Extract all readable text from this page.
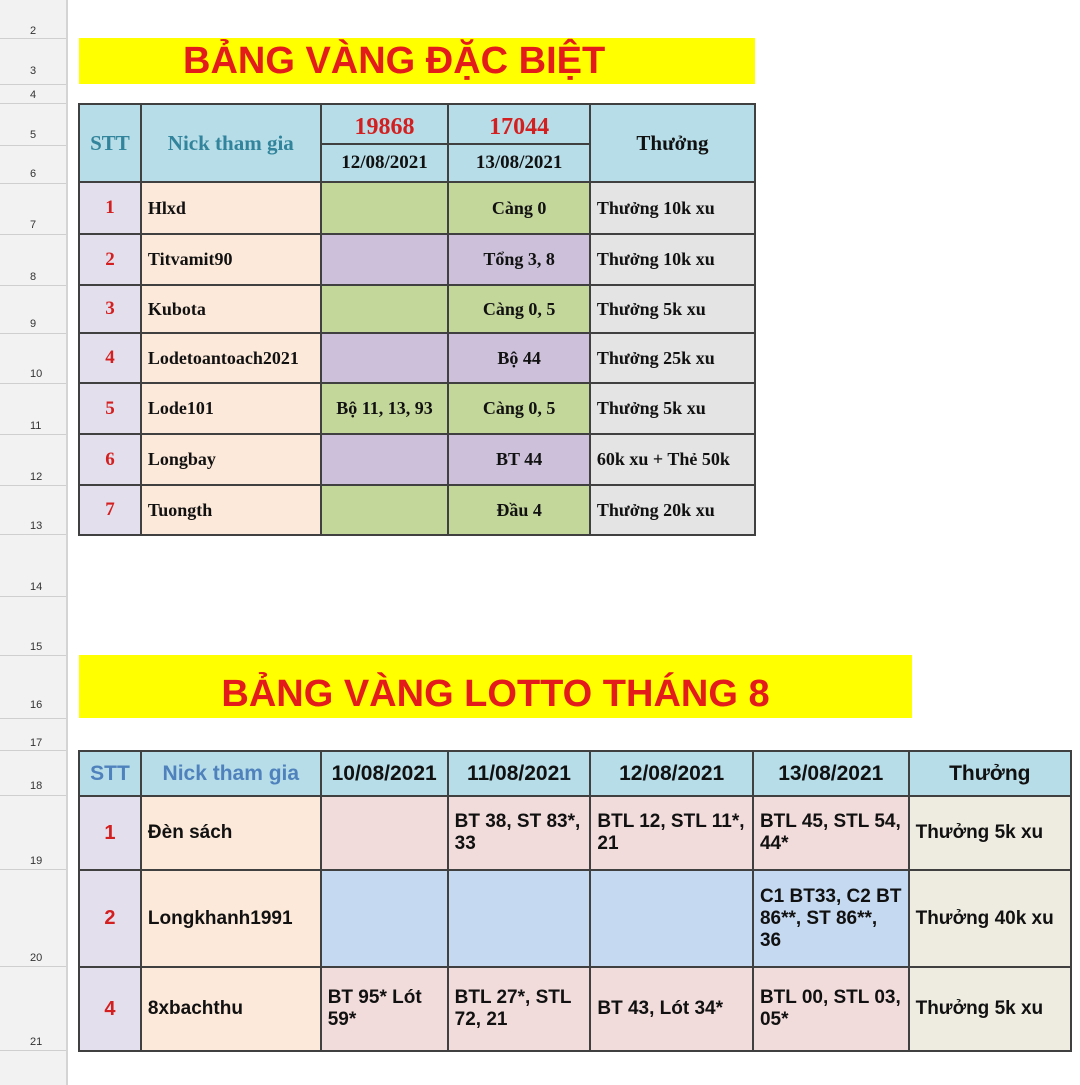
2
3
4
5
6
7
8
9
10
11
12
13
14
15
16
17
18
19
20
21
BẢNG VÀNG ĐẶC BIỆT
STT	Nick tham gia	19868	17044	Thưởng
		12/08/2021	13/08/2021	
1	Hlxd		Càng 0	Thưởng 10k xu
2	Titvamit90		Tổng 3, 8	Thưởng 10k xu
3	Kubota		Càng 0, 5	Thưởng 5k xu
4	Lodetoantoach2021		Bộ 44	Thưởng 25k xu
5	Lode101	Bộ 11, 13, 93	Càng 0, 5	Thưởng 5k xu
6	Longbay		BT 44	60k xu + Thẻ 50k
7	Tuongth		Đầu 4	Thưởng 20k xu
BẢNG VÀNG LOTTO THÁNG 8
STT	Nick tham gia	10/08/2021	11/08/2021	12/08/2021	13/08/2021	Thưởng
1	Đèn sách		BT 38, ST 83*, 33	BTL 12, STL 11*, 21	BTL 45, STL 54, 44*	Thưởng 5k xu
2	Longkhanh1991				C1 BT33, C2 BT 86**, ST 86**, 36	Thưởng 40k xu
4	8xbachthu	BT 95* Lót 59*	BTL 27*, STL 72, 21	BT 43, Lót 34*	BTL 00, STL 03, 05*	Thưởng 5k xu
